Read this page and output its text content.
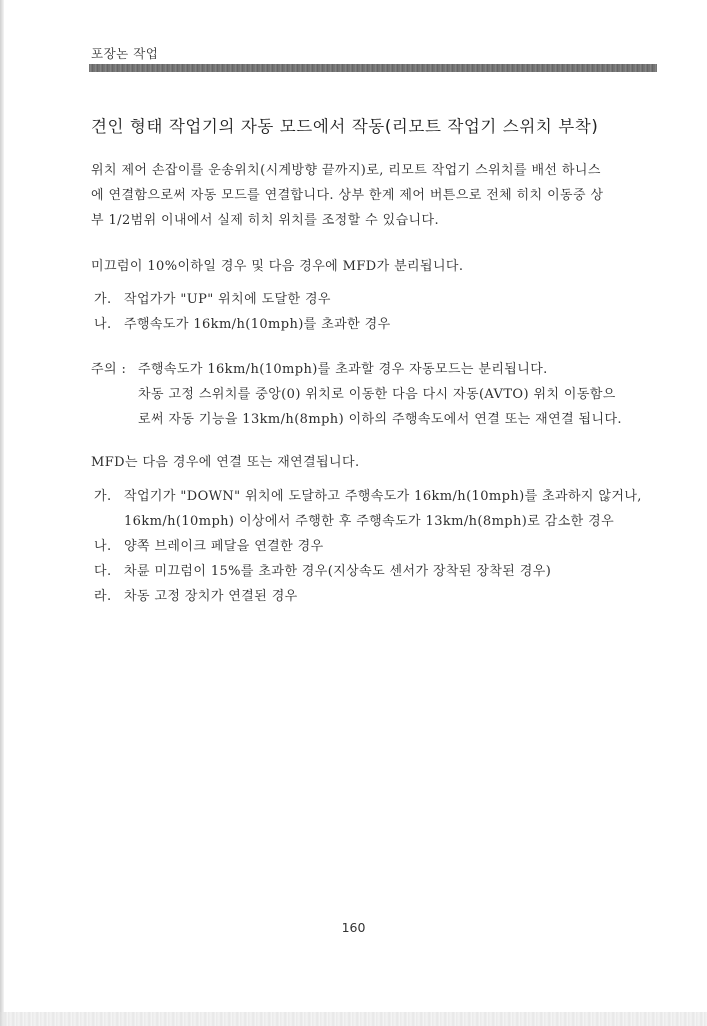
포장논 작업
견인 형태 작업기의 자동 모드에서 작동(리모트 작업기 스위치 부착)
위치 제어 손잡이를 운송위치(시계방향 끝까지)로, 리모트 작업기 스위치를 배선 하니스
에 연결함으로써 자동 모드를 연결합니다. 상부 한계 제어 버튼으로 전체 히치 이동중 상
부 1/2범위 이내에서 실제 히치 위치를 조정할 수 있습니다.
미끄럼이 10%이하일 경우 및 다음 경우에 MFD가 분리됩니다.
가. 작업가가 "UP" 위치에 도달한 경우
나. 주행속도가 16km/h(10mph)를 초과한 경우
주의 : 주행속도가 16km/h(10mph)를 초과할 경우 자동모드는 분리됩니다.
차동 고정 스위치를 중앙(0) 위치로 이동한 다음 다시 자동(AVTO) 위치 이동함으
로써 자동 기능을 13km/h(8mph) 이하의 주행속도에서 연결 또는 재연결 됩니다.
MFD는 다음 경우에 연결 또는 재연결됩니다.
가. 작업기가 "DOWN" 위치에 도달하고 주행속도가 16km/h(10mph)를 초과하지 않거나,
16km/h(10mph) 이상에서 주행한 후 주행속도가 13km/h(8mph)로 감소한 경우
나. 양쪽 브레이크 페달을 연결한 경우
다. 차륜 미끄럼이 15%를 초과한 경우(지상속도 센서가 장착된 장착된 경우)
라. 차동 고정 장치가 연결된 경우
160
